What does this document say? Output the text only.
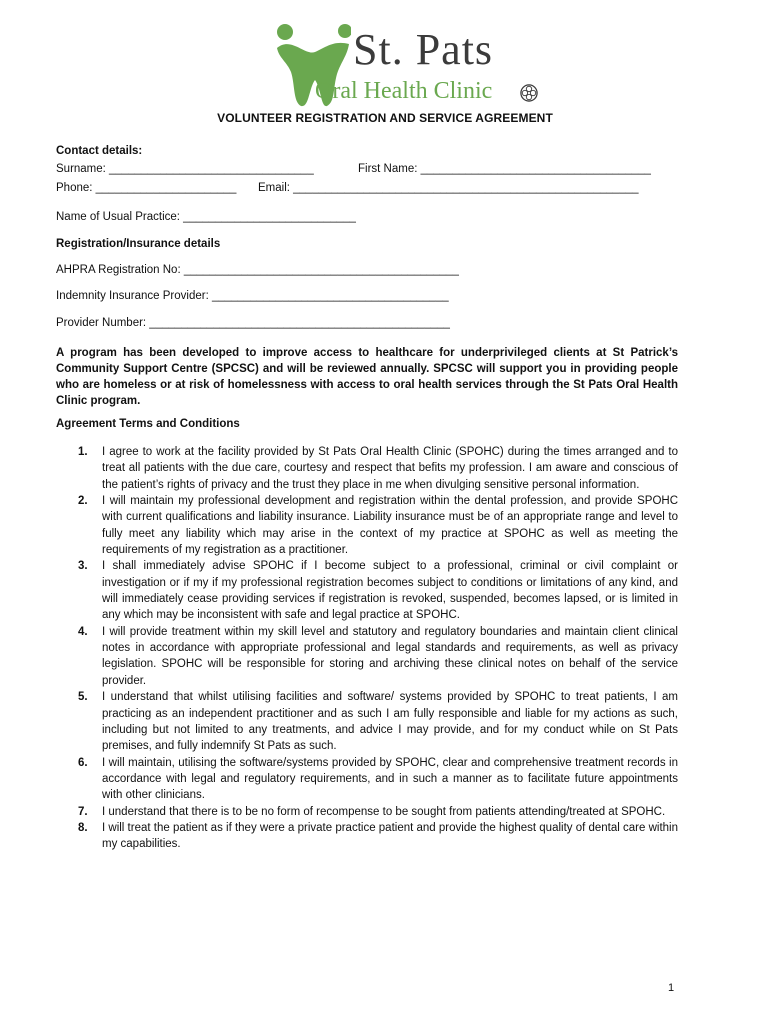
St. Pats
Oral Health Clinic
VOLUNTEER REGISTRATION AND SERVICE AGREEMENT
Contact details:
Surname: ________________________________	First Name: ____________________________________
Phone: ______________________ Email: ______________________________________________________
Name of Usual Practice: ___________________________
Registration/Insurance details
AHPRA Registration No: ___________________________________________
Indemnity Insurance Provider: _____________________________________
Provider Number: _______________________________________________
A program has been developed to improve access to healthcare for underprivileged clients at St Patrick’s Community Support Centre (SPCSC) and will be reviewed annually. SPCSC will support you in providing people who are homeless or at risk of homelessness with access to oral health services through the St Pats Oral Health Clinic program.
Agreement Terms and Conditions
1. I agree to work at the facility provided by St Pats Oral Health Clinic (SPOHC) during the times arranged and to treat all patients with the due care, courtesy and respect that befits my profession. I am aware and conscious of the patient’s rights of privacy and the trust they place in me when divulging sensitive personal information.
2. I will maintain my professional development and registration within the dental profession, and provide SPOHC with current qualifications and liability insurance. Liability insurance must be of an appropriate range and level to fully meet any liability which may arise in the context of my practice at SPOHC as well as meeting the requirements of my registration as a practitioner.
3. I shall immediately advise SPOHC if I become subject to a professional, criminal or civil complaint or investigation or if my if my professional registration becomes subject to conditions or limitations of any kind, and will immediately cease providing services if registration is revoked, suspended, becomes lapsed, or is limited in any which may be inconsistent with safe and legal practice at SPOHC.
4. I will provide treatment within my skill level and statutory and regulatory boundaries and maintain client clinical notes in accordance with appropriate professional and legal standards and requirements, as well as privacy legislation. SPOHC will be responsible for storing and archiving these clinical notes on behalf of the service provider.
5. I understand that whilst utilising facilities and software/ systems provided by SPOHC to treat patients, I am practicing as an independent practitioner and as such I am fully responsible and liable for my actions as such, including but not limited to any treatments, and advice I may provide, and for my conduct while on St Pats premises, and fully indemnify St Pats as such.
6. I will maintain, utilising the software/systems provided by SPOHC, clear and comprehensive treatment records in accordance with legal and regulatory requirements, and in such a manner as to facilitate future appointments with other clinicians.
7. I understand that there is to be no form of recompense to be sought from patients attending/treated at SPOHC.
8. I will treat the patient as if they were a private practice patient and provide the highest quality of dental care within my capabilities.
1
